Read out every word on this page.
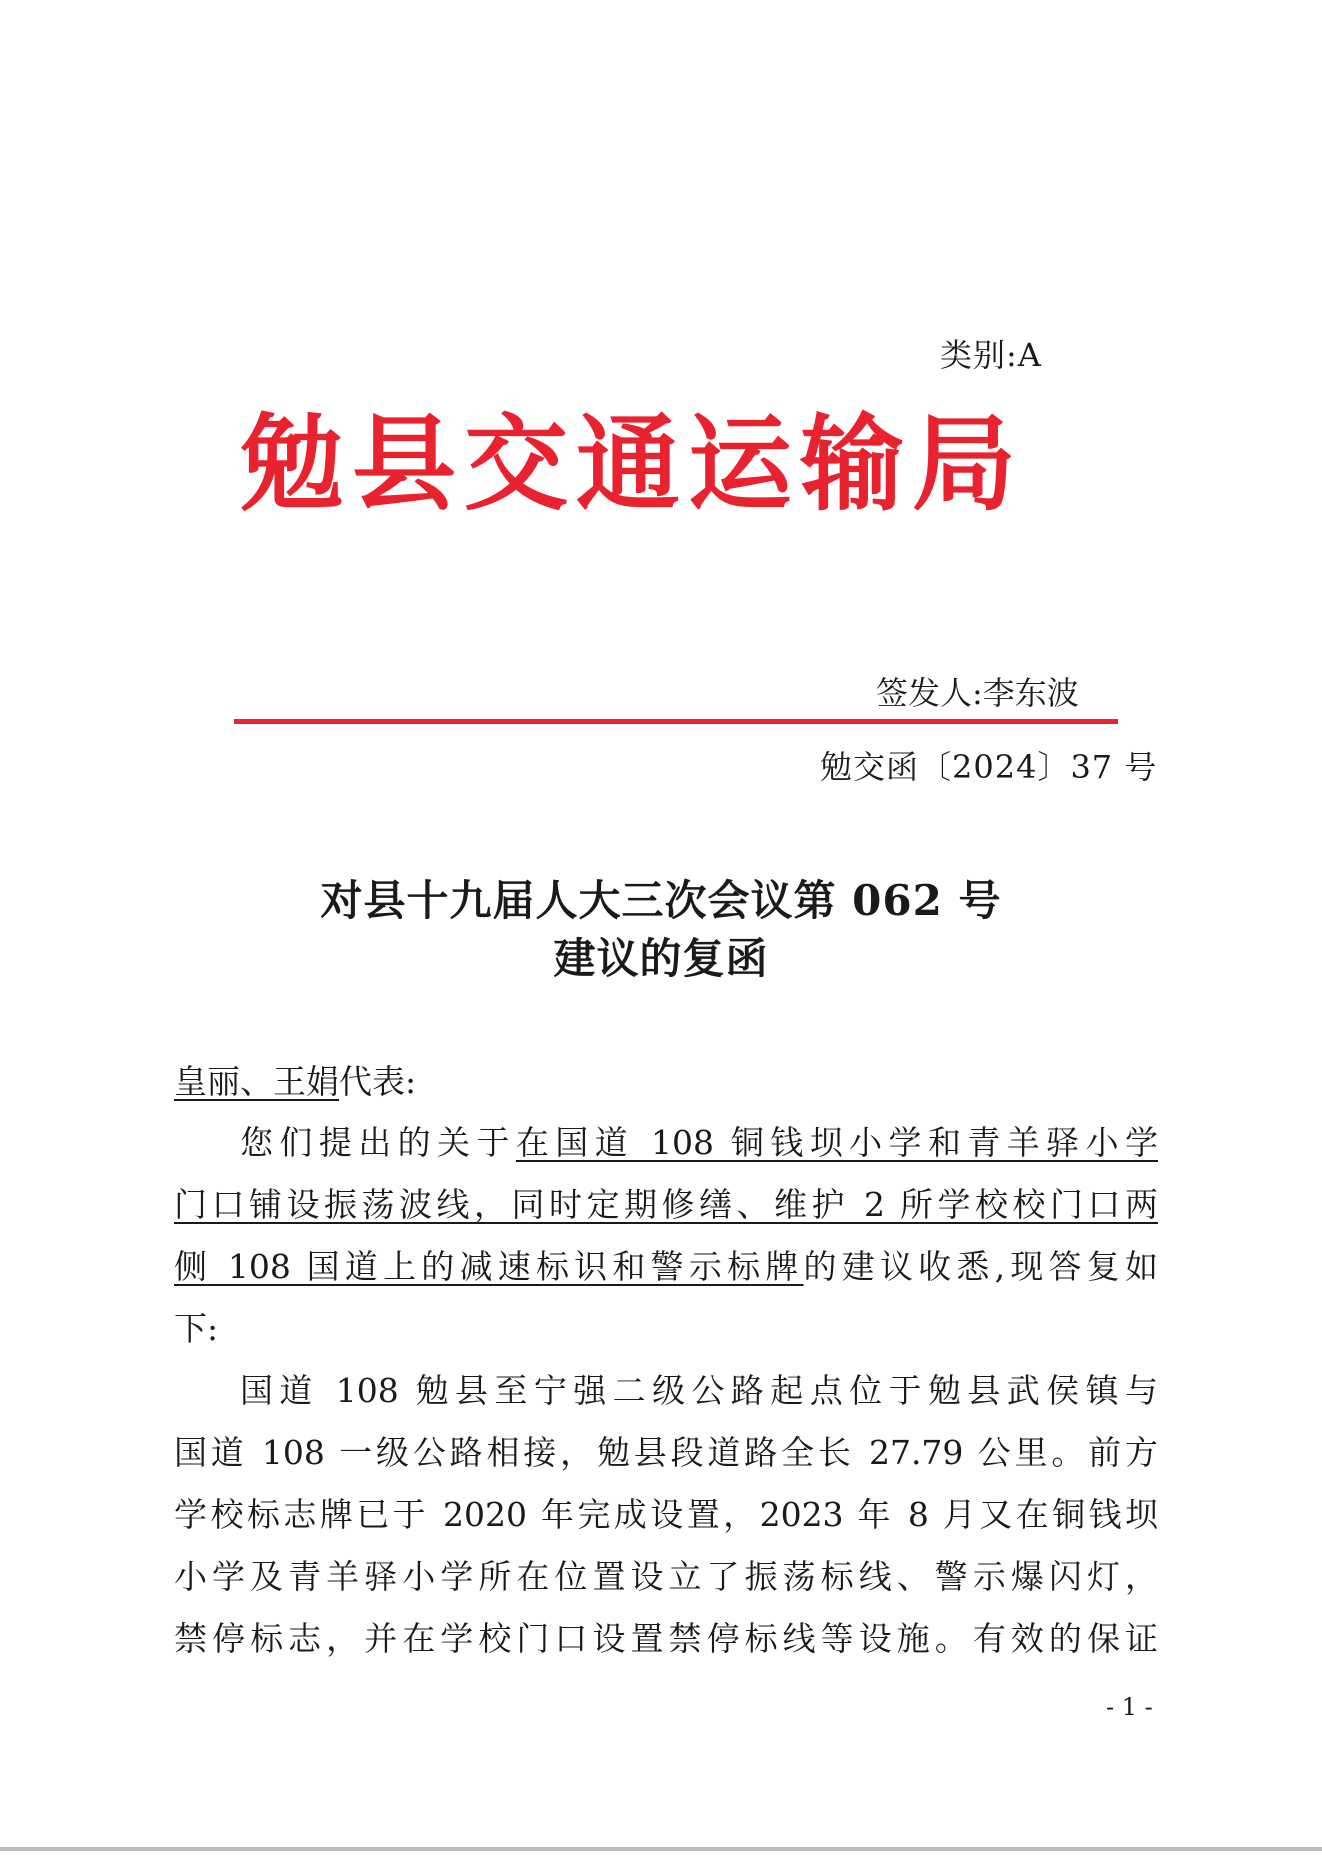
类别:A
勉县交通运输局
签发人:李东波
勉交函〔2024〕37 号
对县十九届人大三次会议第 062 号
建议的复函
皇丽、王娟代表:
您们提出的关于在国道 108 铜钱坝小学和青羊驿小学
门口铺设振荡波线，同时定期修缮、维护 2 所学校校门口两
侧 108 国道上的减速标识和警示标牌的建议收悉,现答复如
下:
国道 108 勉县至宁强二级公路起点位于勉县武侯镇与
国道 108 一级公路相接，勉县段道路全长 27.79 公里。前方
学校标志牌已于 2020 年完成设置，2023 年 8 月又在铜钱坝
小学及青羊驿小学所在位置设立了振荡标线、警示爆闪灯，
禁停标志，并在学校门口设置禁停标线等设施。有效的保证
- 1 -
